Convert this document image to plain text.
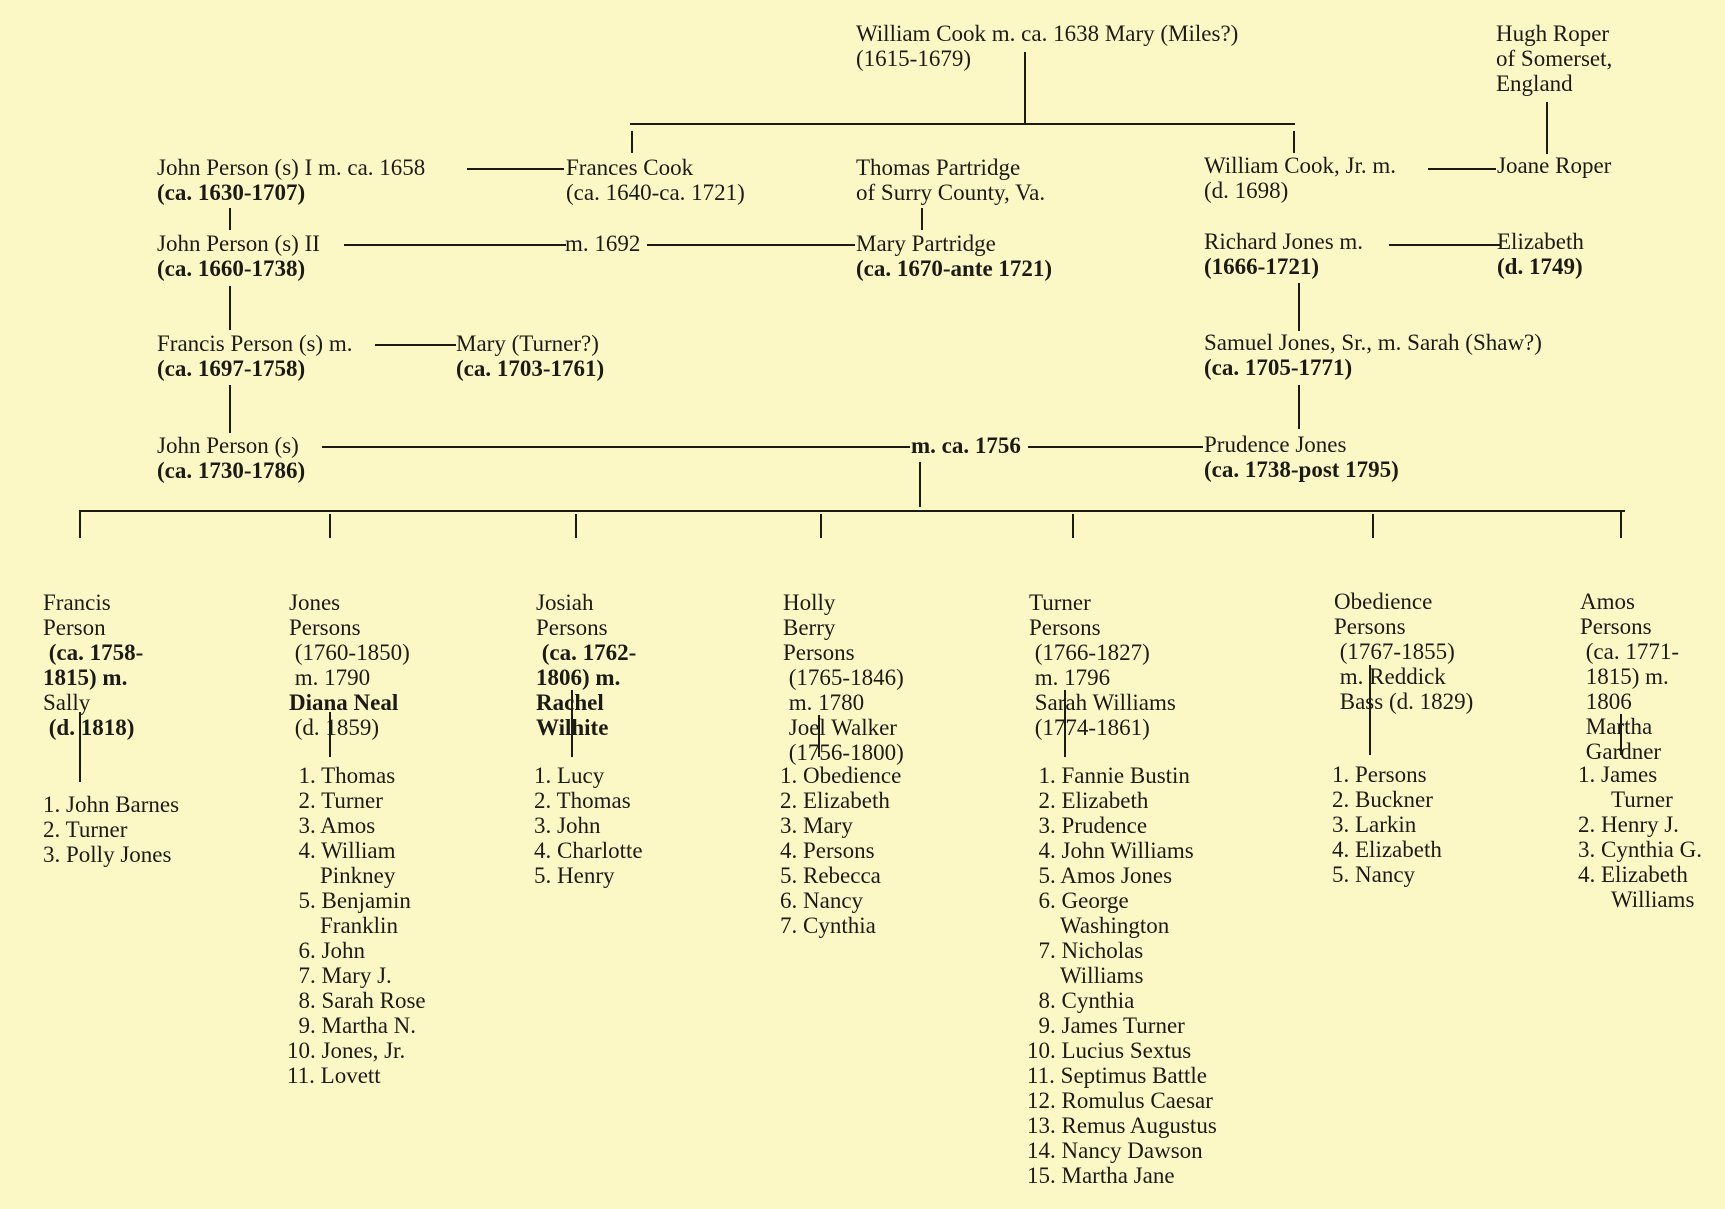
William Cook m. ca. 1638 Mary (Miles?)
(1615-1679)
Hugh Roper
of Somerset,
England
John Person (s) I m. ca. 1658
(ca. 1630-1707)
Frances Cook
(ca. 1640-ca. 1721)
Thomas Partridge
of Surry County, Va.
William Cook, Jr. m.
(d. 1698)
Joane Roper
John Person (s) II
(ca. 1660-1738)
m. 1692	Mary Partridge
(ca. 1670-ante 1721)
Richard Jones m.
(1666-1721)
Elizabeth
(d. 1749)
Francis Person (s) m.
(ca. 1697-1758)
Mary (Turner?)
(ca. 1703-1761)
Samuel Jones, Sr., m. Sarah (Shaw?)
(ca. 1705-1771)
John Person (s)
(ca. 1730-1786)
m. ca. 1756	Prudence Jones
(ca. 1738-post 1795)

Francis
Person
(ca. 1758-
1815) m.
Sally
(d. 1818)

Jones
Persons
(1760-1850)
m. 1790
Diana Neal
(d. 1859)

Josiah
Persons
(ca. 1762-
1806) m.
Rachel
Wilhite

Holly
Berry
Persons
(1765-1846)
m. 1780
Joel Walker
(1756-1800)

Turner
Persons
(1766-1827)
m. 1796
Sarah Williams
(1774-1861)

Obedience
Persons
(1767-1855)
m. Reddick
Bass (d. 1829)

Amos
Persons
(ca. 1771-
1815) m.
1806
Martha
Gardner

1. John Barnes
2. Turner
3. Polly Jones
1. Thomas
2. Turner
3. Amos
4. William
Pinkney
5. Benjamin
Franklin
6. John
7. Mary J.
8. Sarah Rose
9. Martha N.
10. Jones, Jr.
11. Lovett
1. Lucy
2. Thomas
3. John
4. Charlotte
5. Henry
1. Obedience
2. Elizabeth
3. Mary
4. Persons
5. Rebecca
6. Nancy
7. Cynthia
1. Fannie Bustin
2. Elizabeth
3. Prudence
4. John Williams
5. Amos Jones
6. George
Washington
7. Nicholas
Williams
8. Cynthia
9. James Turner
10. Lucius Sextus
11. Septimus Battle
12. Romulus Caesar
13. Remus Augustus
14. Nancy Dawson
15. Martha Jane
1. Persons
2. Buckner
3. Larkin
4. Elizabeth
5. Nancy
1. James
Turner
2. Henry J.
3. Cynthia G.
4. Elizabeth
Williams
